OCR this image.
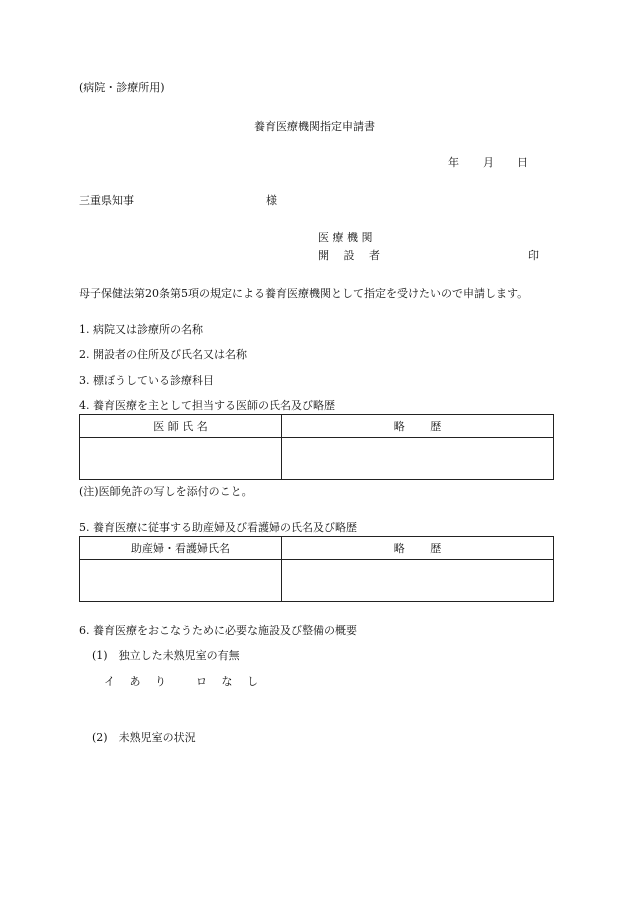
(病院・診療所用)
養育医療機関指定申請書
年 月 日
三重県知事	様
医 療 機 関
開　 設　 者	印
母子保健法第20条第5項の規定による養育医療機関として指定を受けたいので申請します。
1. 病院又は診療所の名称
2. 開設者の住所及び氏名又は名称
3. 標ぼうしている診療科目
4. 養育医療を主として担当する医師の氏名及び略歴
医 師 氏 名	略　　 歴

(注)医師免許の写しを添付のこと。
5. 養育医療に従事する助産婦及び看護婦の氏名及び略歴
助産婦・看護婦氏名	略　　 歴

6. 養育医療をおこなうために必要な施設及び整備の概要
(1)　独立した未熟児室の有無
イ あ り ロ な し
(2)　未熟児室の状況
